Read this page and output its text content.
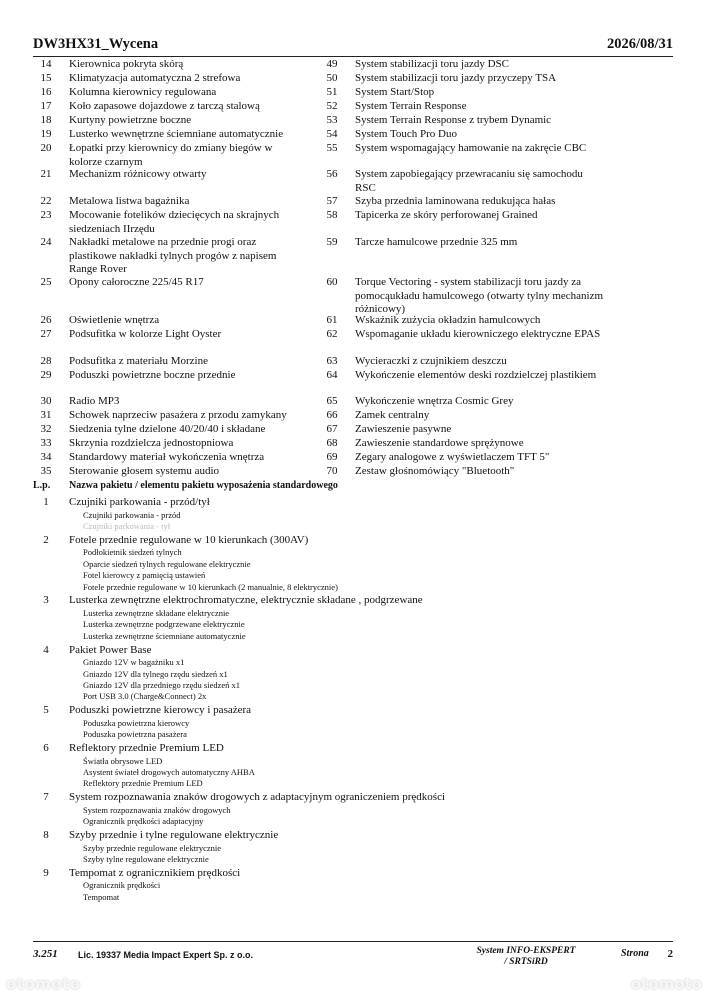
DW3HX31_Wycena	2026/08/31
14	Kierownica pokryta skórą
15	Klimatyzacja automatyczna 2 strefowa
16	Kolumna kierownicy regulowana
17	Koło zapasowe dojazdowe z tarczą stalową
18	Kurtyny powietrzne boczne
19	Lusterko wewnętrzne ściemniane automatycznie
20	Łopatki przy kierownicy do zmiany biegów w kolorze czarnym
21	Mechanizm różnicowy otwarty
22	Metalowa listwa bagażnika
23	Mocowanie fotelików dziecięcych na skrajnych siedzeniach IIrzędu
24	Nakładki metalowe na przednie progi oraz plastikowe nakładki tylnych progów z napisem Range Rover
25	Opony całoroczne 225/45 R17
26	Oświetlenie wnętrza
27	Podsufitka w kolorze Light Oyster
28	Podsufitka z materiału Morzine
29	Poduszki powietrzne boczne przednie
30	Radio MP3
31	Schowek naprzeciw pasażera z przodu zamykany
32	Siedzenia tylne dzielone 40/20/40 i składane
33	Skrzynia rozdzielcza jednostopniowa
34	Standardowy materiał wykończenia wnętrza
35	Sterowanie głosem systemu audio
49	System stabilizacji toru jazdy DSC
50	System stabilizacji toru jazdy przyczepy TSA
51	System Start/Stop
52	System Terrain Response
53	System Terrain Response z trybem Dynamic
54	System Touch Pro Duo
55	System wspomagający hamowanie na zakręcie CBC
56	System zapobiegający przewracaniu się samochodu RSC
57	Szyba przednia laminowana redukująca hałas
58	Tapicerka ze skóry perforowanej Grained
59	Tarcze hamulcowe przednie 325 mm
60	Torque Vectoring - system stabilizacji toru jazdy za pomocąukładu hamulcowego (otwarty tylny mechanizm różnicowy)
61	Wskaźnik zużycia okładzin hamulcowych
62	Wspomaganie układu kierowniczego elektryczne EPAS
63	Wycieraczki z czujnikiem deszczu
64	Wykończenie elementów deski rozdzielczej plastikiem
65	Wykończenie wnętrza Cosmic Grey
66	Zamek centralny
67	Zawieszenie pasywne
68	Zawieszenie standardowe sprężynowe
69	Zegary analogowe z wyświetlaczem TFT 5"
70	Zestaw głośnomówiący "Bluetooth"
L.p. Nazwa pakietu / elementu pakietu wyposażenia standardowego
1	Czujniki parkowania - przód/tył
Czujniki parkowania - przód
Czujniki parkowania - tył
2	Fotele przednie regulowane w 10 kierunkach (300AV)
Podłokietnik siedzeń tylnych
Oparcie siedzeń tylnych regulowane elektrycznie
Fotel kierowcy z pamięcią ustawień
Fotele przednie regulowane w 10 kierunkach (2 manualnie, 8 elektrycznie)
3	Lusterka zewnętrzne elektrochromatyczne, elektrycznie składane , podgrzewane
Lusterka zewnętrzne składane elektrycznie
Lusterka zewnętrzne podgrzewane elektrycznie
Lusterka zewnętrzne ściemniane automatycznie
4	Pakiet Power Base
Gniazdo 12V w bagażniku x1
Gniazdo 12V dla tylnego rzędu siedzeń x1
Gniazdo 12V dla przedniego rzędu siedzeń x1
Port USB 3.0 (Charge&Connect) 2x
5	Poduszki powietrzne kierowcy i pasażera
Poduszka powietrzna kierowcy
Poduszka powietrzna pasażera
6	Reflektory przednie Premium LED
Światła obrysowe LED
Asystent świateł drogowych automatyczny AHBA
Reflektory przednie Premium LED
7	System rozpoznawania znaków drogowych z adaptacyjnym ograniczeniem prędkości
System rozpoznawania znaków drogowych
Ogranicznik prędkości adaptacyjny
8	Szyby przednie i tylne regulowane elektrycznie
Szyby przednie regulowane elektrycznie
Szyby tylne regulowane elektrycznie
9	Tempomat z ogranicznikiem prędkości
Ogranicznik prędkości
Tempomat
3.251 Lic. 19337 Media Impact Expert Sp. z o.o.	System INFO-EKSPERT
/ SRTSiRD
Strona 2
otomoto	otomoto
